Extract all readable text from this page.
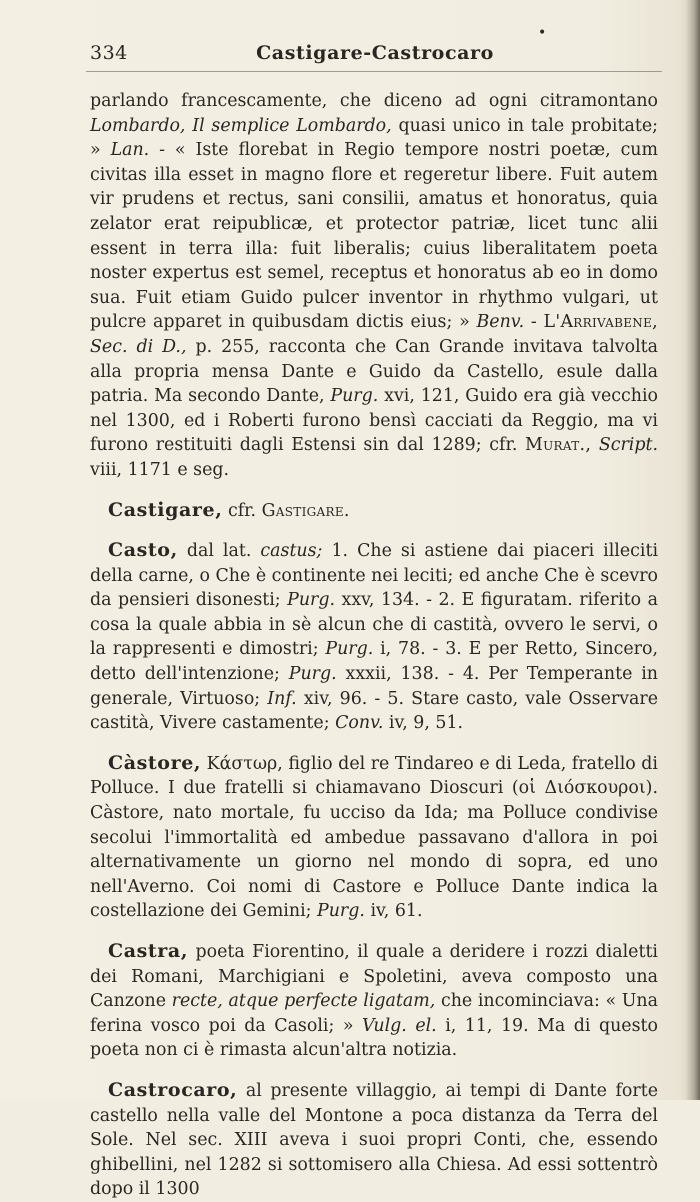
•
334	Castigare-Castrocaro

parlando francescamente, che diceno ad ogni citramontano Lombardo, Il semplice Lombardo, quasi unico in tale probitate; » Lan. - « Iste florebat in Regio tempore nostri poetæ, cum civitas illa esset in magno flore et regeretur libere. Fuit autem vir prudens et rectus, sani consilii, amatus et honoratus, quia zelator erat reipublicæ, et protector patriæ, licet tunc alii essent in terra illa: fuit liberalis; cuius liberalitatem poeta noster expertus est semel, receptus et honoratus ab eo in domo sua. Fuit etiam Guido pulcer inventor in rhythmo vulgari, ut pulcre apparet in quibusdam dictis eius; » Benv. - L'Arrivabene, Sec. di D., p. 255, racconta che Can Grande invitava talvolta alla propria mensa Dante e Guido da Castello, esule dalla patria. Ma secondo Dante, Purg. xvi, 121, Guido era già vecchio nel 1300, ed i Roberti furono bensì cacciati da Reggio, ma vi furono restituiti dagli Estensi sin dal 1289; cfr. Murat., Script. viii, 1171 e seg.

Castigare, cfr. Gastigare.

Casto, dal lat. castus; 1. Che si astiene dai piaceri illeciti della carne, o Che è continente nei leciti; ed anche Che è scevro da pensieri disonesti; Purg. xxv, 134. - 2. E figuratam. riferito a cosa la quale abbia in sè alcun che di castità, ovvero le servi, o la rappresenti e dimostri; Purg. i, 78. - 3. E per Retto, Sincero, detto dell'intenzione; Purg. xxxii, 138. - 4. Per Temperante in generale, Virtuoso; Inf. xiv, 96. - 5. Stare casto, vale Osservare castità, Vivere castamente; Conv. iv, 9, 51.

Càstore, Κάστωρ, figlio del re Tindareo e di Leda, fratello di Polluce. I due fratelli si chiamavano Dioscuri (οἱ Διόσκουροι). Càstore, nato mortale, fu ucciso da Ida; ma Polluce condivise secolui l'immortalità ed ambedue passavano d'allora in poi alternativamente un giorno nel mondo di sopra, ed uno nell'Averno. Coi nomi di Castore e Polluce Dante indica la costellazione dei Gemini; Purg. iv, 61.

Castra, poeta Fiorentino, il quale a deridere i rozzi dialetti dei Romani, Marchigiani e Spoletini, aveva composto una Canzone recte, atque perfecte ligatam, che incominciava: « Una ferina vosco poi da Casoli; » Vulg. el. i, 11, 19. Ma di questo poeta non ci è rimasta alcun'altra notizia.

Castrocaro, al presente villaggio, ai tempi di Dante forte castello nella valle del Montone a poca distanza da Terra del Sole. Nel sec. XIII aveva i suoi propri Conti, che, essendo ghibellini, nel 1282 si sottomisero alla Chiesa. Ad essi sottentrò dopo il 1300
